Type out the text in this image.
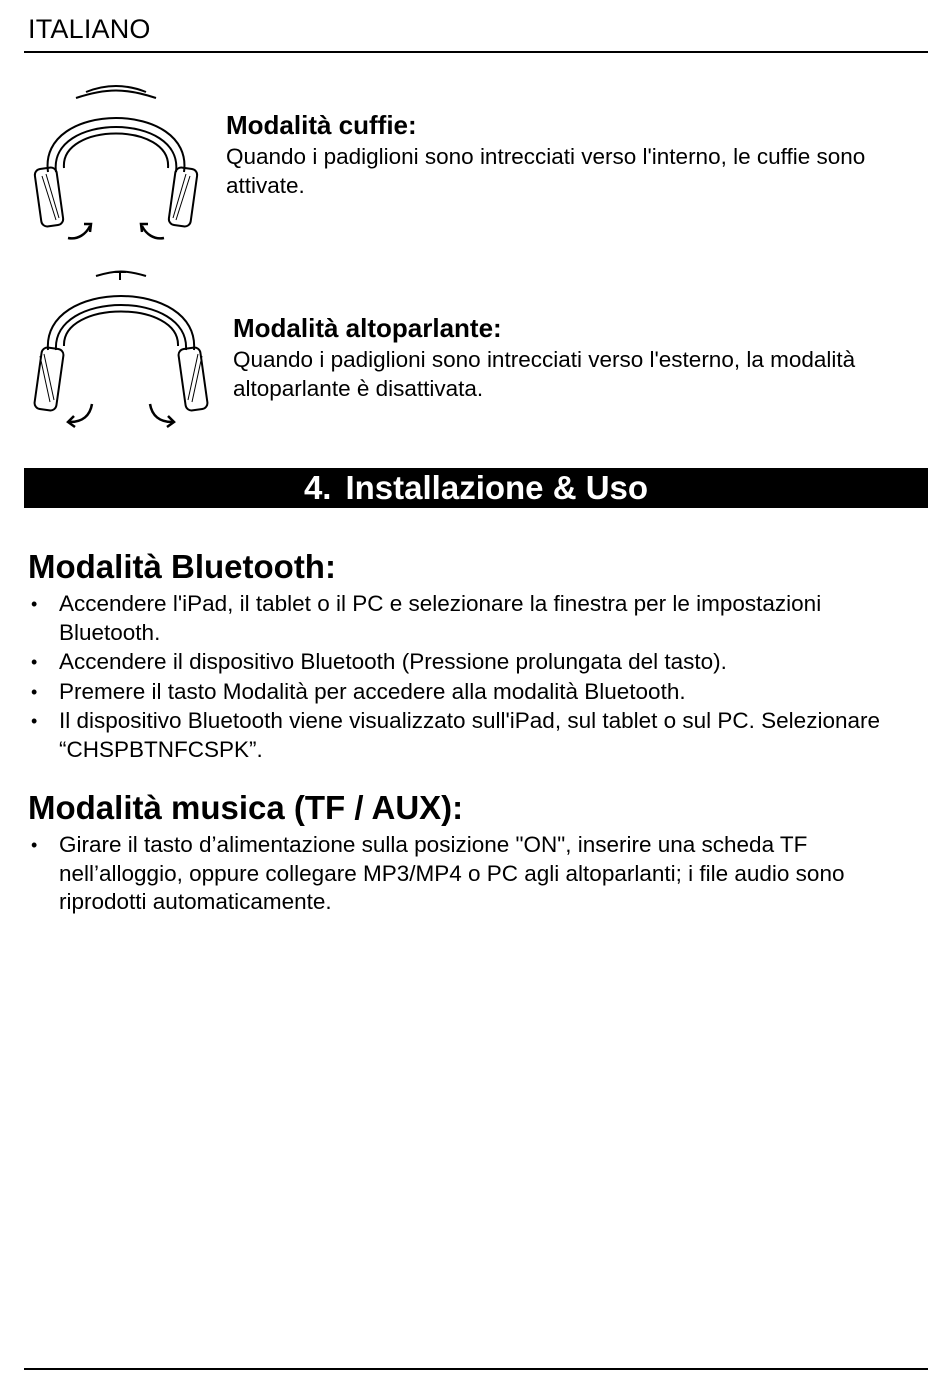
ITALIANO
Modalità cuffie:
Quando i padiglioni sono intrecciati verso l'interno, le cuffie sono attivate.
Modalità altoparlante:
Quando i padiglioni sono intrecciati verso l'esterno, la modalità altoparlante è disattivata.
4. Installazione & Uso
Modalità Bluetooth:
• Accendere l'iPad, il tablet o il PC e selezionare la finestra per le impostazioni Bluetooth.
• Accendere il dispositivo Bluetooth (Pressione prolungata del tasto).
• Premere il tasto Modalità per accedere alla modalità Bluetooth.
• Il dispositivo Bluetooth viene visualizzato sull'iPad, sul tablet o sul PC. Selezionare “CHSPBTNFCSPK”.
Modalità musica (TF / AUX):
• Girare il tasto d’alimentazione sulla posizione "ON", inserire una scheda TF nell’alloggio, oppure collegare MP3/MP4 o PC agli altoparlanti; i file audio sono riprodotti automaticamente.
